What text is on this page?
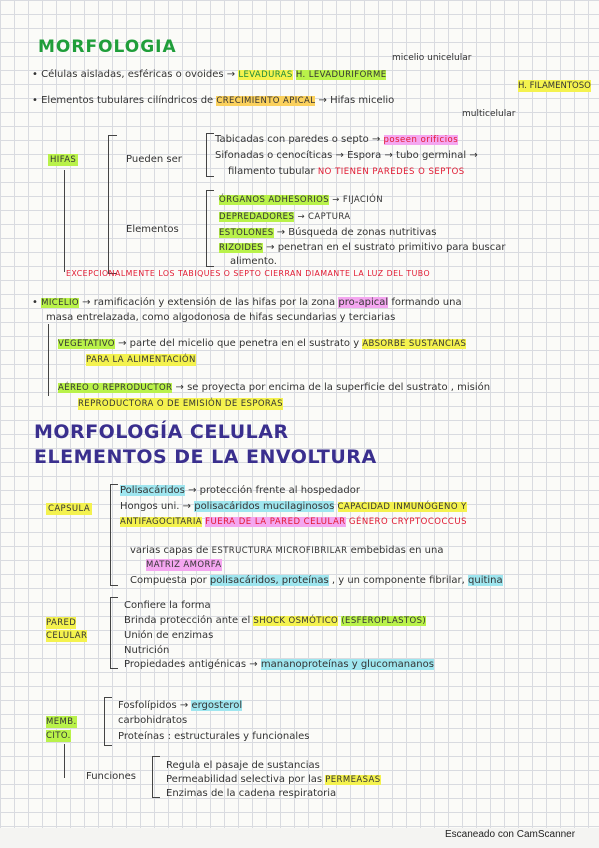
MORFOLOGIA
micelio unicelular
• Células aisladas, esféricas o ovoides → LEVADURAS H. LEVADURIFORME
• Elementos tubulares cilíndricos de CRECIMIENTO APICAL → Hifas micelio
H. FILAMENTOSO
multicelular
HIFAS	Pueden ser
Tabicadas con paredes o septo → poseen orificios
Sifonadas o cenocíticas → Espora → tubo germinal →
filamento tubular NO TIENEN PAREDES O SEPTOS
Elementos
ÓRGANOS ADHESORIOS → FIJACIÓN
DEPREDADORES → CAPTURA
ESTOLONES → Búsqueda de zonas nutritivas
RIZOIDES → penetran en el sustrato primitivo para buscar
alimento.
EXCEPCIONALMENTE LOS TABIQUES O SEPTO CIERRAN DIAMANTE LA LUZ DEL TUBO
• MICELIO → ramificación y extensión de las hifas por la zona pro-apical formando una
masa entrelazada, como algodonosa de hifas secundarias y terciarias
VEGETATIVO → parte del micelio que penetra en el sustrato y ABSORBE SUSTANCIAS
PARA LA ALIMENTACIÓN
AÉREO O REPRODUCTOR → se proyecta por encima de la superficie del sustrato , misión
REPRODUCTORA O DE EMISIÓN DE ESPORAS
MORFOLOGÍA CELULAR
ELEMENTOS DE LA ENVOLTURA
CAPSULA
Polisacáridos → protección frente al hospedador
Hongos uni. → polisacáridos mucilaginosos CAPACIDAD INMUNÓGENO Y
ANTIFAGOCITARIA FUERA DE LA PARED CELULAR GÉNERO CRYPTOCOCCUS
varias capas de ESTRUCTURA MICROFIBRILAR embebidas en una
MATRIZ AMORFA
Compuesta por polisacáridos, proteínas , y un componente fibrilar, quitina
PARED
CELULAR
Confiere la forma
Brinda protección ante el SHOCK OSMÓTICO (ESFEROPLASTOS)
Unión de enzimas
Nutrición
Propiedades antigénicas → mananoproteínas y glucomananos
MEMB.
CITO.
Fosfolípidos → ergosterol
carbohidratos
Proteínas : estructurales y funcionales
Funciones
Regula el pasaje de sustancias
Permeabilidad selectiva por las PERMEASAS
Enzimas de la cadena respiratoria
Escaneado con CamScanner
